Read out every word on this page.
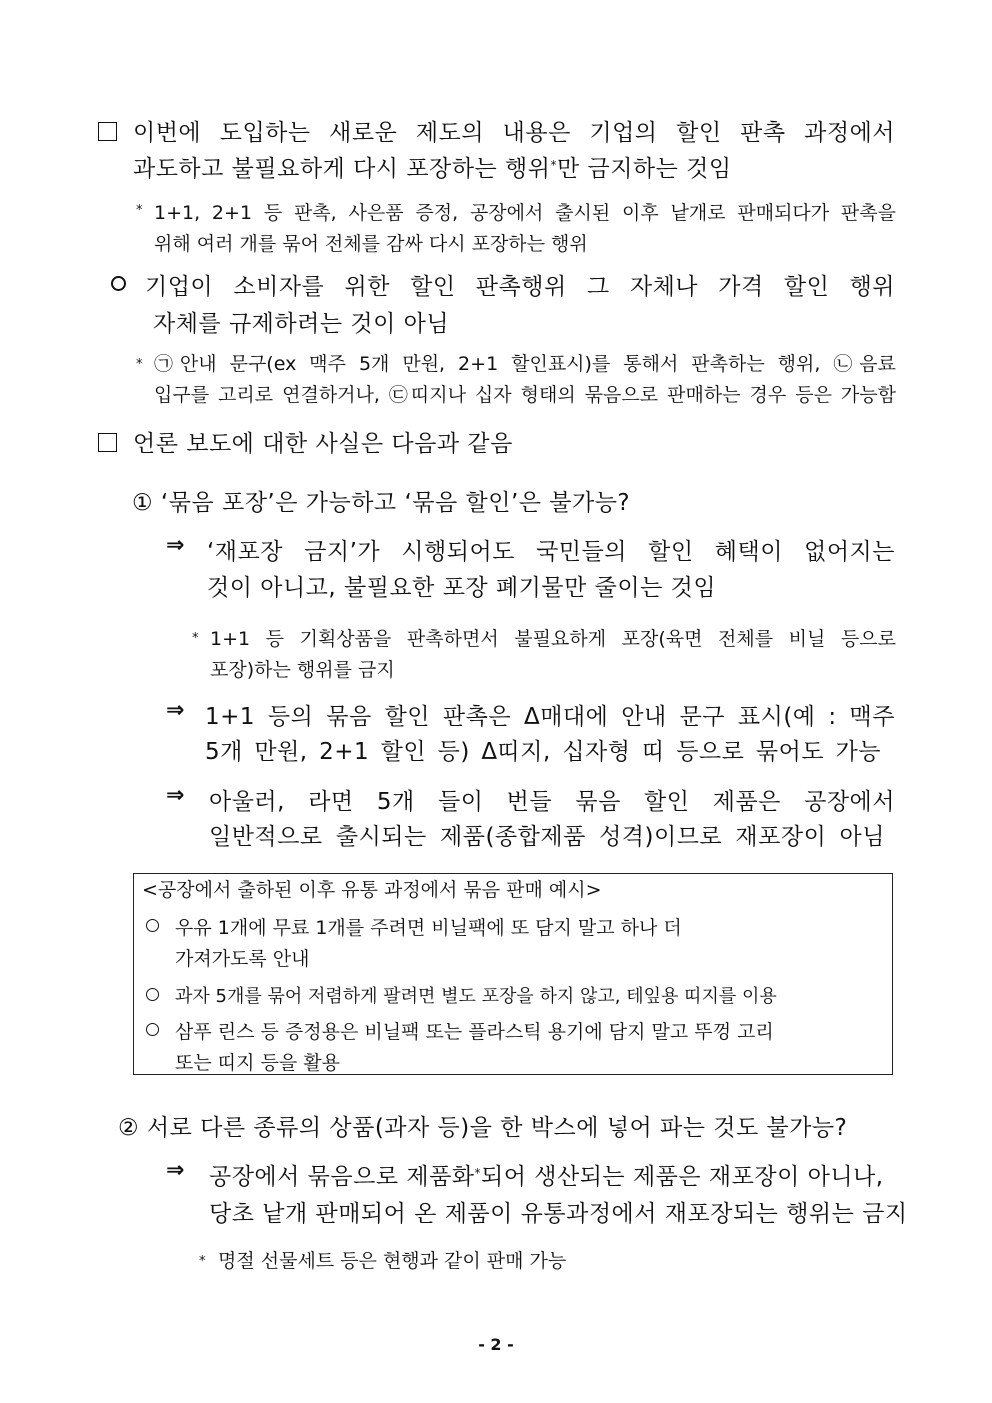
이번에 도입하는 새로운 제도의 내용은 기업의 할인 판촉 과정에서
과도하고 불필요하게 다시 포장하는 행위*만 금지하는 것임
* 1+1, 2+1 등 판촉, 사은품 증정, 공장에서 출시된 이후 낱개로 판매되다가 판촉을
위해 여러 개를 묶어 전체를 감싸 다시 포장하는 행위
기업이 소비자를 위한 할인 판촉행위 그 자체나 가격 할인 행위
자체를 규제하려는 것이 아님
* ㉠안내 문구(ex 맥주 5개 만원, 2+1 할인표시)를 통해서 판촉하는 행위, ㉡음료
입구를 고리로 연결하거나, ㉢띠지나 십자 형태의 묶음으로 판매하는 경우 등은 가능함
언론 보도에 대한 사실은 다음과 같음
① ‘묶음 포장’은 가능하고 ‘묶음 할인’은 불가능?
⇒ ‘재포장 금지’가 시행되어도 국민들의 할인 혜택이 없어지는
것이 아니고, 불필요한 포장 폐기물만 줄이는 것임
* 1+1 등 기획상품을 판촉하면서 불필요하게 포장(육면 전체를 비닐 등으로
포장)하는 행위를 금지
⇒ 1+1 등의 묶음 할인 판촉은 Δ매대에 안내 문구 표시(예 : 맥주
5개 만원, 2+1 할인 등) Δ띠지, 십자형 띠 등으로 묶어도 가능
⇒ 아울러, 라면 5개 들이 번들 묶음 할인 제품은 공장에서
일반적으로 출시되는 제품(종합제품 성격)이므로 재포장이 아님
<공장에서 출하된 이후 유통 과정에서 묶음 판매 예시>
우유 1개에 무료 1개를 주려면 비닐팩에 또 담지 말고 하나 더
가져가도록 안내
과자 5개를 묶어 저렴하게 팔려면 별도 포장을 하지 않고, 테잎용 띠지를 이용
삼푸 린스 등 증정용은 비닐팩 또는 플라스틱 용기에 담지 말고 뚜껑 고리
또는 띠지 등을 활용
② 서로 다른 종류의 상품(과자 등)을 한 박스에 넣어 파는 것도 불가능?
⇒ 공장에서 묶음으로 제품화*되어 생산되는 제품은 재포장이 아니나,
당초 낱개 판매되어 온 제품이 유통과정에서 재포장되는 행위는 금지
* 명절 선물세트 등은 현행과 같이 판매 가능
- 2 -
